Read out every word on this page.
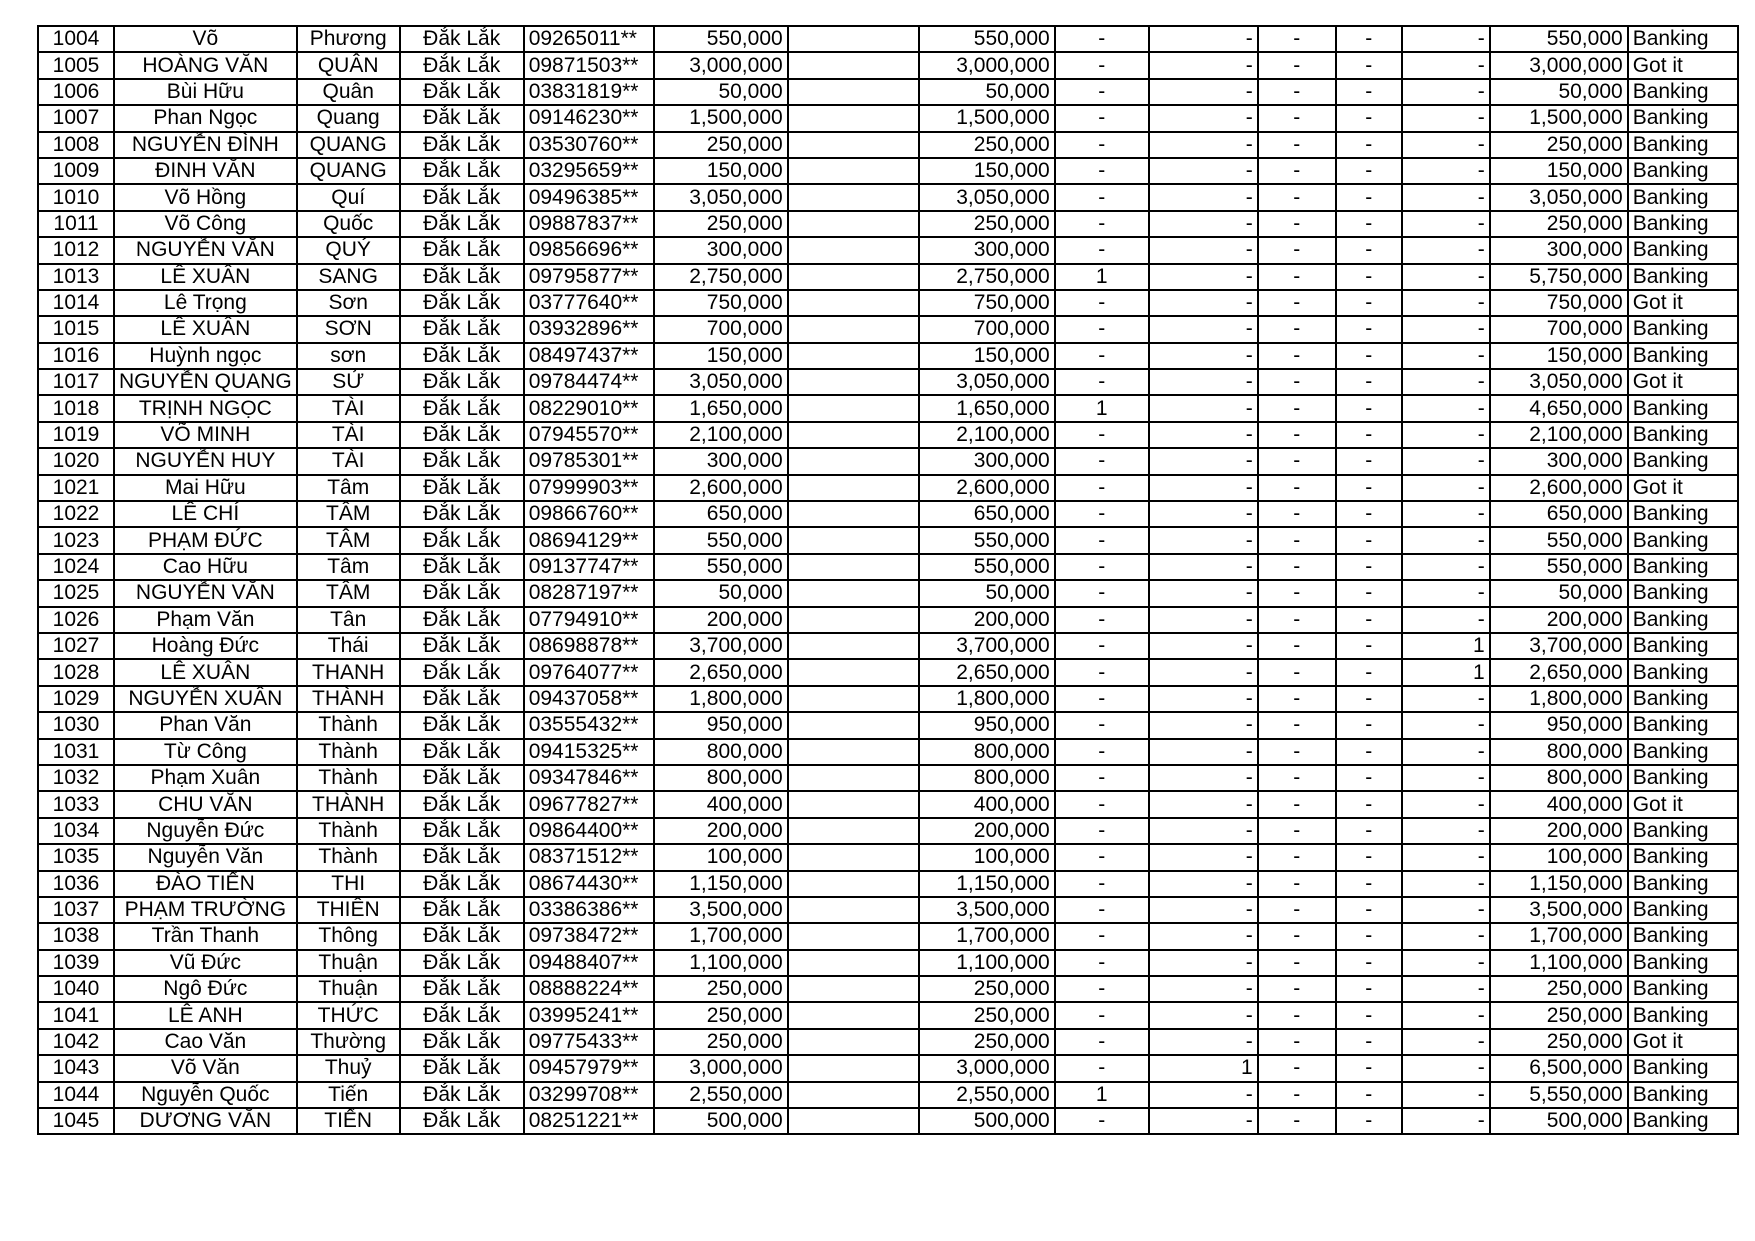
1004	Võ	Phương	Đắk Lắk	09265011**	550,000		550,000	-	-	-	-	-	550,000	Banking
1005	HOÀNG VĂN	QUÂN	Đắk Lắk	09871503**	3,000,000		3,000,000	-	-	-	-	-	3,000,000	Got it
1006	Bùi Hữu	Quân	Đắk Lắk	03831819**	50,000		50,000	-	-	-	-	-	50,000	Banking
1007	Phan Ngọc	Quang	Đắk Lắk	09146230**	1,500,000		1,500,000	-	-	-	-	-	1,500,000	Banking
1008	NGUYỄN ĐÌNH	QUANG	Đắk Lắk	03530760**	250,000		250,000	-	-	-	-	-	250,000	Banking
1009	ĐINH VĂN	QUANG	Đắk Lắk	03295659**	150,000		150,000	-	-	-	-	-	150,000	Banking
1010	Võ Hồng	Quí	Đắk Lắk	09496385**	3,050,000		3,050,000	-	-	-	-	-	3,050,000	Banking
1011	Võ Công	Quốc	Đắk Lắk	09887837**	250,000		250,000	-	-	-	-	-	250,000	Banking
1012	NGUYỄN VĂN	QUÝ	Đắk Lắk	09856696**	300,000		300,000	-	-	-	-	-	300,000	Banking
1013	LÊ XUÂN	SANG	Đắk Lắk	09795877**	2,750,000		2,750,000	1	-	-	-	-	5,750,000	Banking
1014	Lê Trọng	Sơn	Đắk Lắk	03777640**	750,000		750,000	-	-	-	-	-	750,000	Got it
1015	LÊ XUÂN	SƠN	Đắk Lắk	03932896**	700,000		700,000	-	-	-	-	-	700,000	Banking
1016	Huỳnh ngọc	sơn	Đắk Lắk	08497437**	150,000		150,000	-	-	-	-	-	150,000	Banking
1017	NGUYỄN QUANG	SỬ	Đắk Lắk	09784474**	3,050,000		3,050,000	-	-	-	-	-	3,050,000	Got it
1018	TRỊNH NGỌC	TÀI	Đắk Lắk	08229010**	1,650,000		1,650,000	1	-	-	-	-	4,650,000	Banking
1019	VÕ MINH	TÀI	Đắk Lắk	07945570**	2,100,000		2,100,000	-	-	-	-	-	2,100,000	Banking
1020	NGUYỄN HUY	TÀI	Đắk Lắk	09785301**	300,000		300,000	-	-	-	-	-	300,000	Banking
1021	Mai Hữu	Tâm	Đắk Lắk	07999903**	2,600,000		2,600,000	-	-	-	-	-	2,600,000	Got it
1022	LÊ CHÍ	TÂM	Đắk Lắk	09866760**	650,000		650,000	-	-	-	-	-	650,000	Banking
1023	PHẠM ĐỨC	TÂM	Đắk Lắk	08694129**	550,000		550,000	-	-	-	-	-	550,000	Banking
1024	Cao Hữu	Tâm	Đắk Lắk	09137747**	550,000		550,000	-	-	-	-	-	550,000	Banking
1025	NGUYỄN VĂN	TÂM	Đắk Lắk	08287197**	50,000		50,000	-	-	-	-	-	50,000	Banking
1026	Phạm Văn	Tân	Đắk Lắk	07794910**	200,000		200,000	-	-	-	-	-	200,000	Banking
1027	Hoàng Đức	Thái	Đắk Lắk	08698878**	3,700,000		3,700,000	-	-	-	-	1	3,700,000	Banking
1028	LÊ XUÂN	THANH	Đắk Lắk	09764077**	2,650,000		2,650,000	-	-	-	-	1	2,650,000	Banking
1029	NGUYỄN XUÂN	THÀNH	Đắk Lắk	09437058**	1,800,000		1,800,000	-	-	-	-	-	1,800,000	Banking
1030	Phan Văn	Thành	Đắk Lắk	03555432**	950,000		950,000	-	-	-	-	-	950,000	Banking
1031	Từ Công	Thành	Đắk Lắk	09415325**	800,000		800,000	-	-	-	-	-	800,000	Banking
1032	Phạm Xuân	Thành	Đắk Lắk	09347846**	800,000		800,000	-	-	-	-	-	800,000	Banking
1033	CHU VĂN	THÀNH	Đắk Lắk	09677827**	400,000		400,000	-	-	-	-	-	400,000	Got it
1034	Nguyễn Đức	Thành	Đắk Lắk	09864400**	200,000		200,000	-	-	-	-	-	200,000	Banking
1035	Nguyễn Văn	Thành	Đắk Lắk	08371512**	100,000		100,000	-	-	-	-	-	100,000	Banking
1036	ĐÀO TIẾN	THI	Đắk Lắk	08674430**	1,150,000		1,150,000	-	-	-	-	-	1,150,000	Banking
1037	PHẠM TRƯỜNG	THIÊN	Đắk Lắk	03386386**	3,500,000		3,500,000	-	-	-	-	-	3,500,000	Banking
1038	Trần Thanh	Thông	Đắk Lắk	09738472**	1,700,000		1,700,000	-	-	-	-	-	1,700,000	Banking
1039	Vũ Đức	Thuận	Đắk Lắk	09488407**	1,100,000		1,100,000	-	-	-	-	-	1,100,000	Banking
1040	Ngô Đức	Thuận	Đắk Lắk	08888224**	250,000		250,000	-	-	-	-	-	250,000	Banking
1041	LÊ ANH	THỨC	Đắk Lắk	03995241**	250,000		250,000	-	-	-	-	-	250,000	Banking
1042	Cao Văn	Thường	Đắk Lắk	09775433**	250,000		250,000	-	-	-	-	-	250,000	Got it
1043	Võ Văn	Thuỷ	Đắk Lắk	09457979**	3,000,000		3,000,000	-	1	-	-	-	6,500,000	Banking
1044	Nguyễn Quốc	Tiến	Đắk Lắk	03299708**	2,550,000		2,550,000	1	-	-	-	-	5,550,000	Banking
1045	DƯƠNG VĂN	TIẾN	Đắk Lắk	08251221**	500,000		500,000	-	-	-	-	-	500,000	Banking
